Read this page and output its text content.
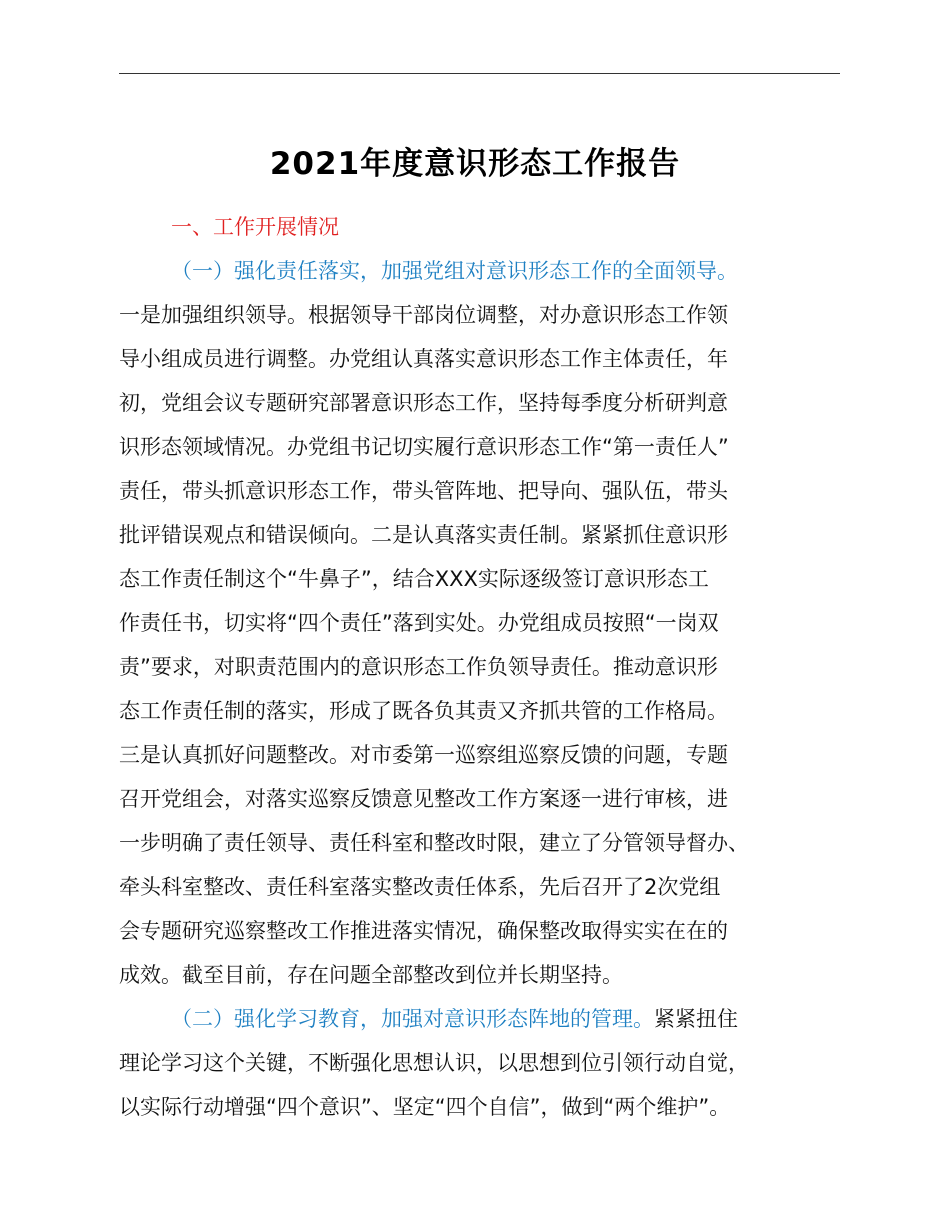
2021年度意识形态工作报告
一、工作开展情况
（一）强化责任落实，加强党组对意识形态工作的全面领导。
一是加强组织领导。根据领导干部岗位调整，对办意识形态工作领
导小组成员进行调整。办党组认真落实意识形态工作主体责任，年
初，党组会议专题研究部署意识形态工作，坚持每季度分析研判意
识形态领域情况。办党组书记切实履行意识形态工作“第一责任人”
责任，带头抓意识形态工作，带头管阵地、把导向、强队伍，带头
批评错误观点和错误倾向。二是认真落实责任制。紧紧抓住意识形
态工作责任制这个“牛鼻子”，结合XXX实际逐级签订意识形态工
作责任书，切实将“四个责任”落到实处。办党组成员按照“一岗双
责”要求，对职责范围内的意识形态工作负领导责任。推动意识形
态工作责任制的落实，形成了既各负其责又齐抓共管的工作格局。
三是认真抓好问题整改。对市委第一巡察组巡察反馈的问题，专题
召开党组会，对落实巡察反馈意见整改工作方案逐一进行审核，进
一步明确了责任领导、责任科室和整改时限，建立了分管领导督办、
牵头科室整改、责任科室落实整改责任体系，先后召开了2次党组
会专题研究巡察整改工作推进落实情况，确保整改取得实实在在的
成效。截至目前，存在问题全部整改到位并长期坚持。
（二）强化学习教育，加强对意识形态阵地的管理。紧紧扭住
理论学习这个关键，不断强化思想认识，以思想到位引领行动自觉，
以实际行动增强“四个意识”、坚定“四个自信”，做到“两个维护”。
